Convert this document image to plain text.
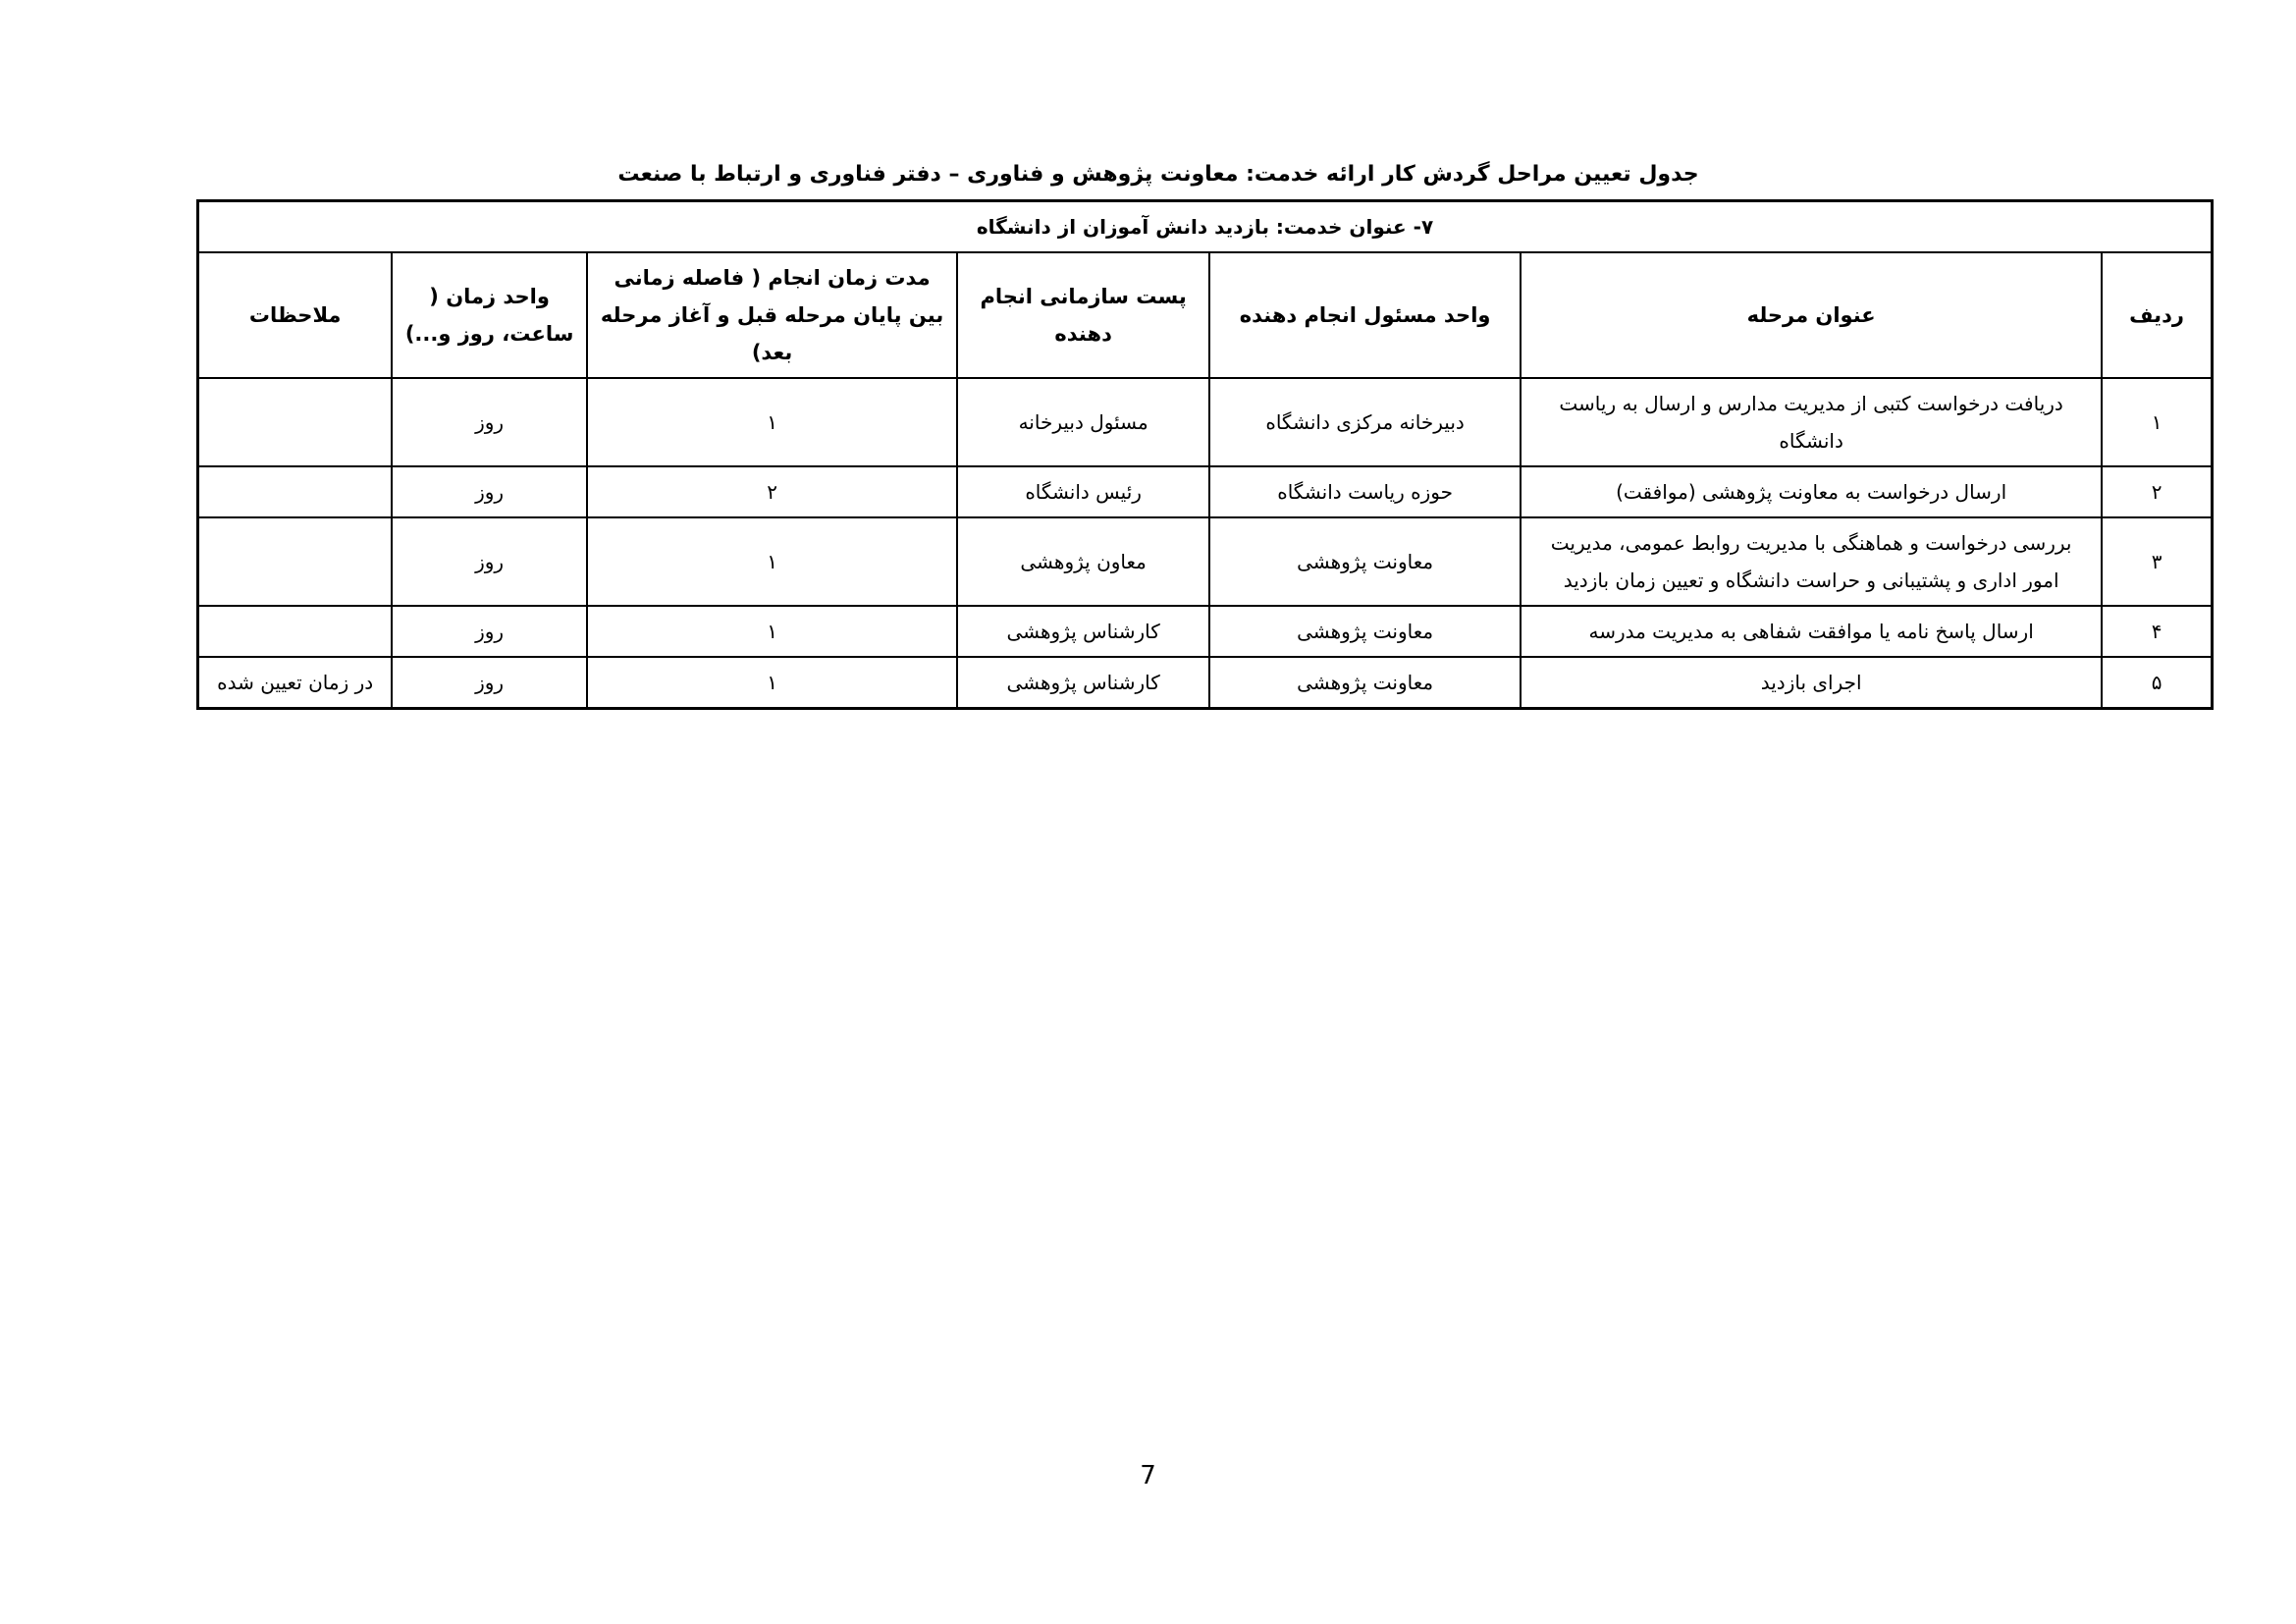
جدول تعیین مراحل گردش کار ارائه خدمت: معاونت پژوهش و فناوری – دفتر فناوری و ارتباط با صنعت
۷- عنوان خدمت: بازدید دانش آموزان از دانشگاه						
ردیف	عنوان مرحله	واحد مسئول انجام دهنده	پست سازمانی انجام دهنده	مدت زمان انجام ( فاصله زمانی بین پایان مرحله قبل و آغاز مرحله بعد)	واحد زمان ( ساعت، روز و...)	ملاحظات
۱	دریافت درخواست کتبی از مدیریت مدارس و ارسال به ریاست دانشگاه	دبیرخانه مرکزی دانشگاه	مسئول دبیرخانه	۱	روز	
۲	ارسال درخواست به معاونت پژوهشی (موافقت)	حوزه ریاست دانشگاه	رئیس دانشگاه	۲	روز	
۳	بررسی درخواست و هماهنگی با مدیریت روابط عمومی، مدیریت امور اداری و پشتیبانی و حراست دانشگاه و تعیین زمان بازدید	معاونت پژوهشی	معاون پژوهشی	۱	روز	
۴	ارسال پاسخ نامه یا موافقت شفاهی به مدیریت مدرسه	معاونت پژوهشی	کارشناس پژوهشی	۱	روز	
۵	اجرای بازدید	معاونت پژوهشی	کارشناس پژوهشی	۱	روز	در زمان تعیین شده
7
